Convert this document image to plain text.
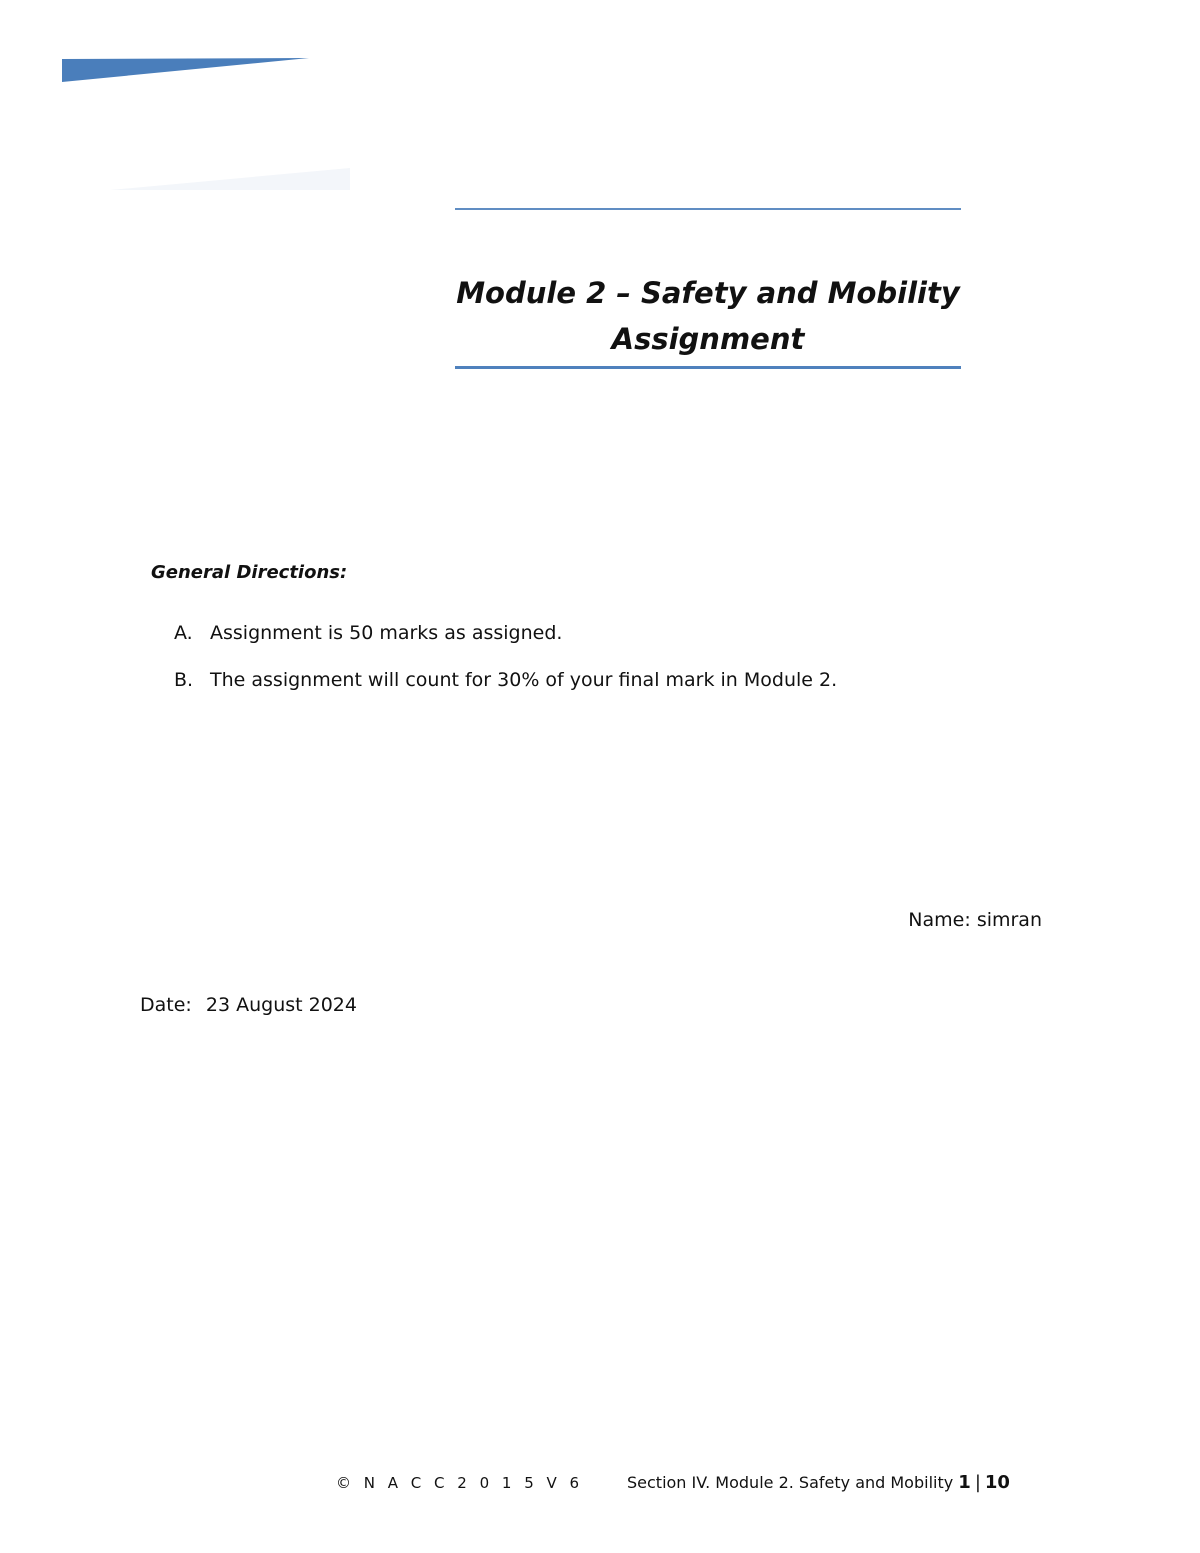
Module 2 – Safety and Mobility
Assignment

General Directions:

A. Assignment is 50 marks as assigned.
B. The assignment will count for 30% of your final mark in Module 2.
Name: simran
Date: 23 August 2024
© N A C C 2 0 1 5 V 6	Section IV. Module 2. Safety and Mobility 1 | 10
